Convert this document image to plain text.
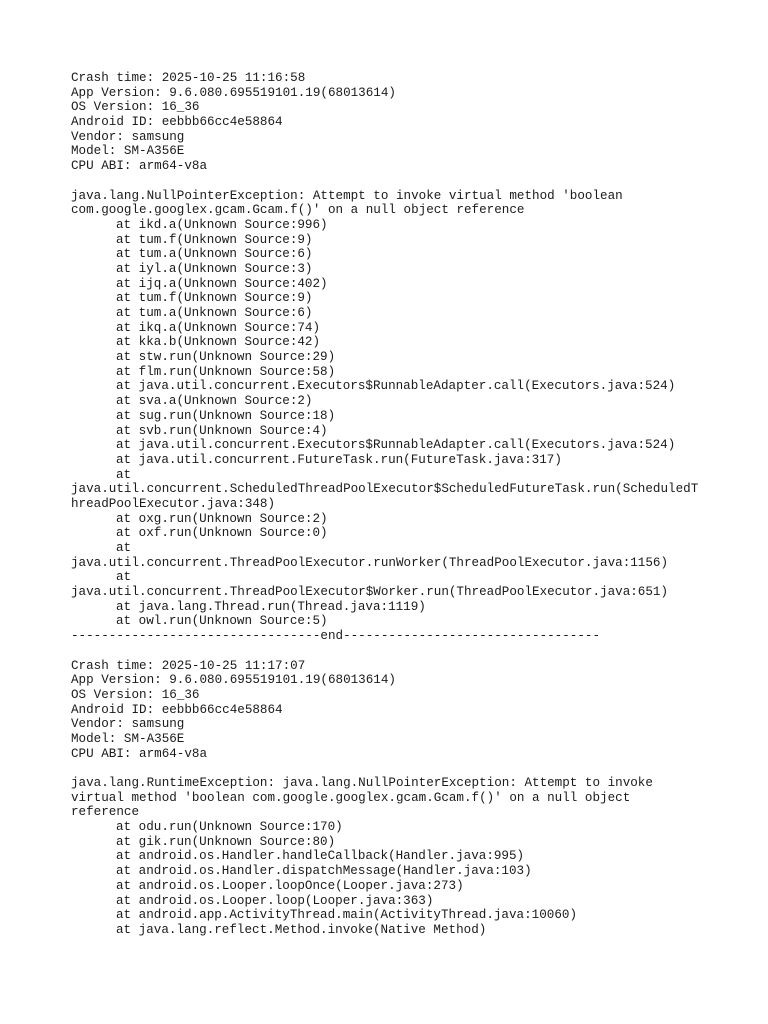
Crash time: 2025-10-25 11:16:58
App Version: 9.6.080.695519101.19(68013614)
OS Version: 16_36
Android ID: eebbb66cc4e58864
Vendor: samsung
Model: SM-A356E
CPU ABI: arm64-v8a
java.lang.NullPointerException: Attempt to invoke virtual method 'boolean
com.google.googlex.gcam.Gcam.f()' on a null object reference
at ikd.a(Unknown Source:996)
at tum.f(Unknown Source:9)
at tum.a(Unknown Source:6)
at iyl.a(Unknown Source:3)
at ijq.a(Unknown Source:402)
at tum.f(Unknown Source:9)
at tum.a(Unknown Source:6)
at ikq.a(Unknown Source:74)
at kka.b(Unknown Source:42)
at stw.run(Unknown Source:29)
at flm.run(Unknown Source:58)
at java.util.concurrent.Executors$RunnableAdapter.call(Executors.java:524)
at sva.a(Unknown Source:2)
at sug.run(Unknown Source:18)
at svb.run(Unknown Source:4)
at java.util.concurrent.Executors$RunnableAdapter.call(Executors.java:524)
at java.util.concurrent.FutureTask.run(FutureTask.java:317)
at
java.util.concurrent.ScheduledThreadPoolExecutor$ScheduledFutureTask.run(ScheduledT
hreadPoolExecutor.java:348)
at oxg.run(Unknown Source:2)
at oxf.run(Unknown Source:0)
at
java.util.concurrent.ThreadPoolExecutor.runWorker(ThreadPoolExecutor.java:1156)
at
java.util.concurrent.ThreadPoolExecutor$Worker.run(ThreadPoolExecutor.java:651)
at java.lang.Thread.run(Thread.java:1119)
at owl.run(Unknown Source:5)
---------------------------------end----------------------------------
Crash time: 2025-10-25 11:17:07
App Version: 9.6.080.695519101.19(68013614)
OS Version: 16_36
Android ID: eebbb66cc4e58864
Vendor: samsung
Model: SM-A356E
CPU ABI: arm64-v8a
java.lang.RuntimeException: java.lang.NullPointerException: Attempt to invoke
virtual method 'boolean com.google.googlex.gcam.Gcam.f()' on a null object
reference
at odu.run(Unknown Source:170)
at gik.run(Unknown Source:80)
at android.os.Handler.handleCallback(Handler.java:995)
at android.os.Handler.dispatchMessage(Handler.java:103)
at android.os.Looper.loopOnce(Looper.java:273)
at android.os.Looper.loop(Looper.java:363)
at android.app.ActivityThread.main(ActivityThread.java:10060)
at java.lang.reflect.Method.invoke(Native Method)
